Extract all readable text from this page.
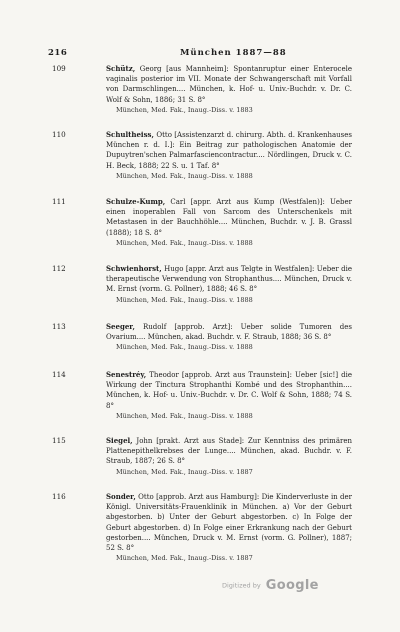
216	München 1887—88
109	Schütz, Georg [aus Mannheim]: Spontanruptur einer Enterocele vaginalis posterior im VII. Monate der Schwangerschaft mit Vorfall von Darmschlingen.... München, k. Hof- u. Univ.-Buchdr. v. Dr. C. Wolf & Sohn, 1886; 31 S. 8°
München, Med. Fak., Inaug.-Diss. v. 1883
110	Schultheiss, Otto [Assistenzarzt d. chirurg. Abth. d. Krankenhauses München r. d. I.]: Ein Beitrag zur pathologischen Anatomie der Dupuytren'schen Palmarfasciencontractur.... Nördlingen, Druck v. C. H. Beck, 1888; 22 S. u. 1 Taf. 8°
München, Med. Fak., Inaug.-Diss. v. 1888
111	Schulze-Kump, Carl [appr. Arzt aus Kump (Westfalen)]: Ueber einen inoperablen Fall von Sarcom des Unterschenkels mit Metastasen in der Bauchhöhle.... München, Buchdr. v. J. B. Grassl (1888); 18 S. 8°
München, Med. Fak., Inaug.-Diss. v. 1888
112	Schwienhorst, Hugo [appr. Arzt aus Telgte in Westfalen]: Ueber die therapeutische Verwendung von Strophanthus.... München, Druck v. M. Ernst (vorm. G. Pollner), 1888; 46 S. 8°
München, Med. Fak., Inaug.-Diss. v. 1888
113	Seeger, Rudolf [approb. Arzt]: Ueber solide Tumoren des Ovarium.... München, akad. Buchdr. v. F. Straub, 1888; 36 S. 8°
München, Med. Fak., Inaug.-Diss. v. 1888
114	Senestréy, Theodor [approb. Arzt aus Traunstein]: Ueber [sic!] die Wirkung der Tinctura Strophanthi Kombé und des Strophanthin.... München, k. Hof- u. Univ.-Buchdr. v. Dr. C. Wolf & Sohn, 1888; 74 S. 8°
München, Med. Fak., Inaug.-Diss. v. 1888
115	Siegel, John [prakt. Arzt aus Stade]: Zur Kenntniss des primären Plattenepithelkrebses der Lunge.... München, akad. Buchdr. v. F. Straub, 1887; 26 S. 8°
München, Med. Fak., Inaug.-Diss. v. 1887
116	Sonder, Otto [approb. Arzt aus Hamburg]: Die Kinderverluste in der Königl. Universitäts-Frauenklinik in München. a) Vor der Geburt abgestorben. b) Unter der Geburt abgestorben. c) In Folge der Geburt abgestorben. d) In Folge einer Erkrankung nach der Geburt gestorben.... München, Druck v. M. Ernst (vorm. G. Pollner), 1887; 52 S. 8°
München, Med. Fak., Inaug.-Diss. v. 1887
Digitized by Google
